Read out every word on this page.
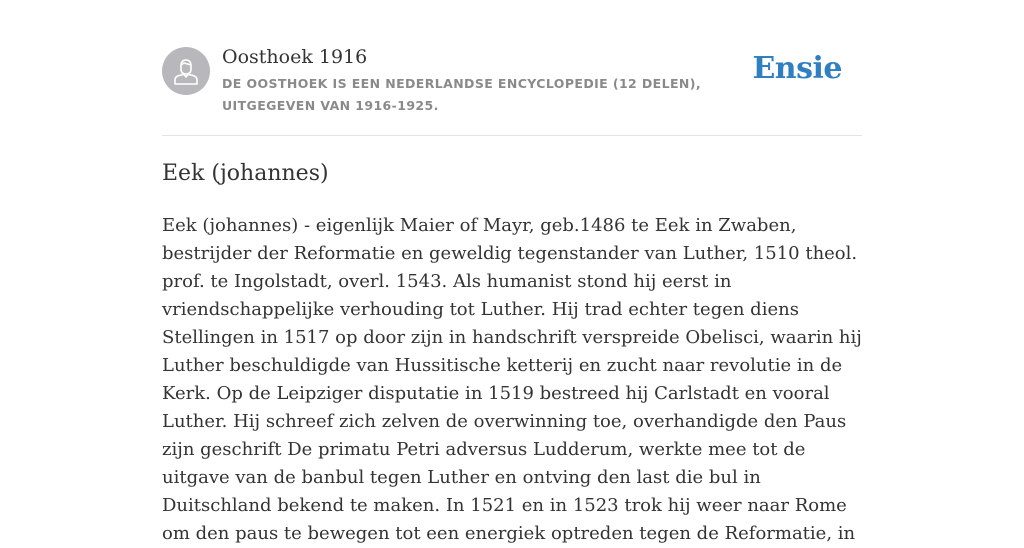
Oosthoek 1916
DE OOSTHOEK IS EEN NEDERLANDSE ENCYCLOPEDIE (12 DELEN), UITGEGEVEN VAN 1916-1925.
Ensie
Eek (johannes)

Eek (johannes) - eigenlijk Maier of Mayr, geb.1486 te Eek in Zwaben, bestrijder der Reformatie en geweldig tegenstander van Luther, 1510 theol. prof. te Ingolstadt, overl. 1543. Als humanist stond hij eerst in vriendschappelijke verhouding tot Luther. Hij trad echter tegen diens Stellingen in 1517 op door zijn in handschrift verspreide Obelisci, waarin hij Luther beschuldigde van Hussitische ketterij en zucht naar revolutie in de Kerk. Op de Leipziger disputatie in 1519 bestreed hij Carlstadt en vooral Luther. Hij schreef zich zelven de overwinning toe, overhandigde den Paus zijn geschrift De primatu Petri adversus Ludderum, werkte mee tot de uitgave van de banbul tegen Luther en ontving den last die bul in Duitschland bekend te maken. In 1521 en in 1523 trok hij weer naar Rome om den paus te bewegen tot een energiek optreden tegen de Reformatie, in
